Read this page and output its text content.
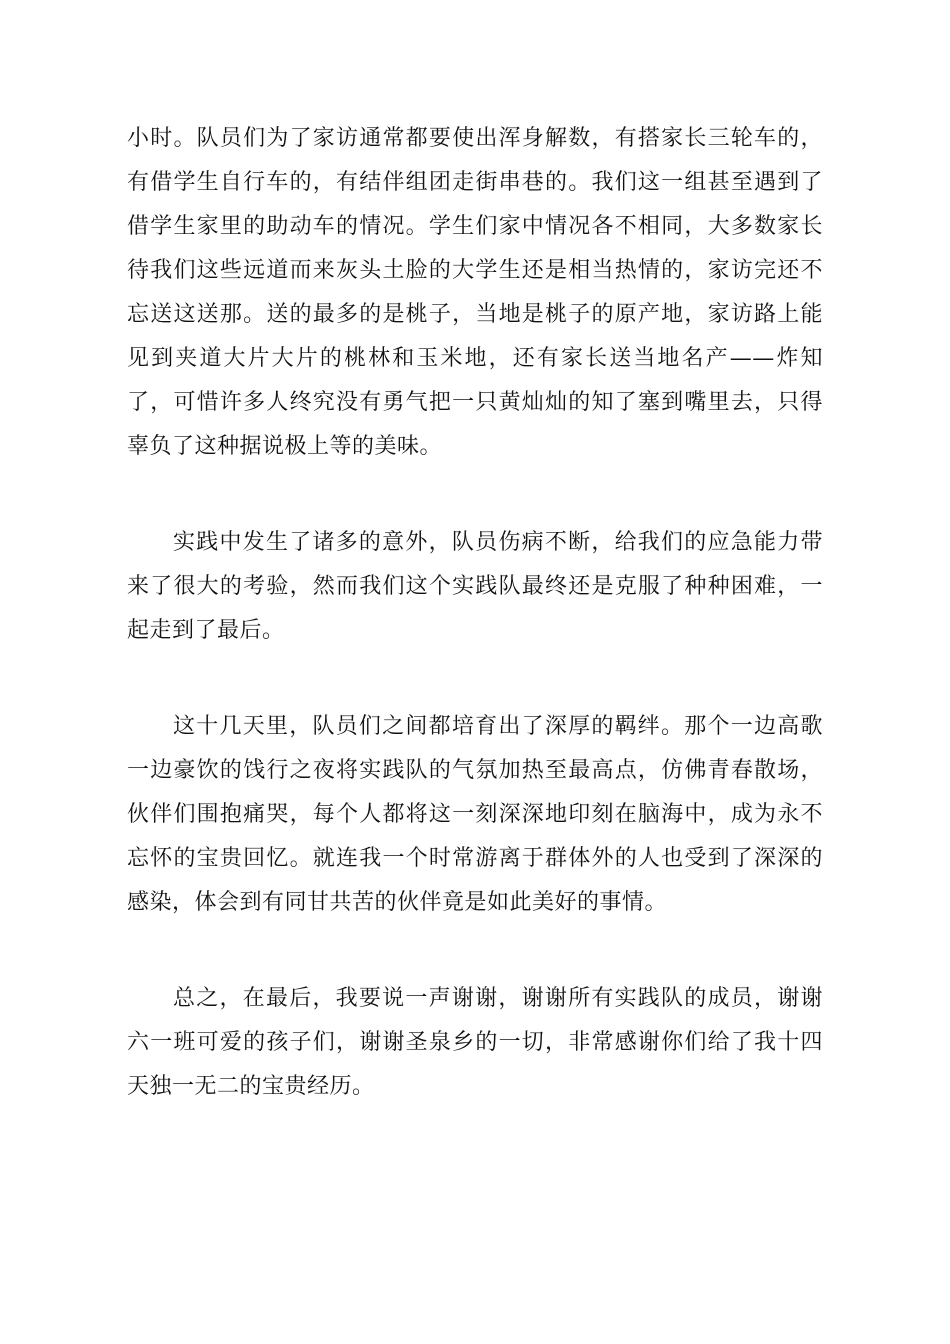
小时。队员们为了家访通常都要使出浑身解数，有搭家长三轮车的，有借学生自行车的，有结伴组团走街串巷的。我们这一组甚至遇到了借学生家里的助动车的情况。学生们家中情况各不相同，大多数家长待我们这些远道而来灰头土脸的大学生还是相当热情的，家访完还不忘送这送那。送的最多的是桃子，当地是桃子的原产地，家访路上能见到夹道大片大片的桃林和玉米地，还有家长送当地名产——炸知了，可惜许多人终究没有勇气把一只黄灿灿的知了塞到嘴里去，只得辜负了这种据说极上等的美味。

实践中发生了诸多的意外，队员伤病不断，给我们的应急能力带来了很大的考验，然而我们这个实践队最终还是克服了种种困难，一起走到了最后。

这十几天里，队员们之间都培育出了深厚的羁绊。那个一边高歌一边豪饮的饯行之夜将实践队的气氛加热至最高点，仿佛青春散场，伙伴们围抱痛哭，每个人都将这一刻深深地印刻在脑海中，成为永不忘怀的宝贵回忆。就连我一个时常游离于群体外的人也受到了深深的感染，体会到有同甘共苦的伙伴竟是如此美好的事情。

总之，在最后，我要说一声谢谢，谢谢所有实践队的成员，谢谢六一班可爱的孩子们，谢谢圣泉乡的一切，非常感谢你们给了我十四天独一无二的宝贵经历。
